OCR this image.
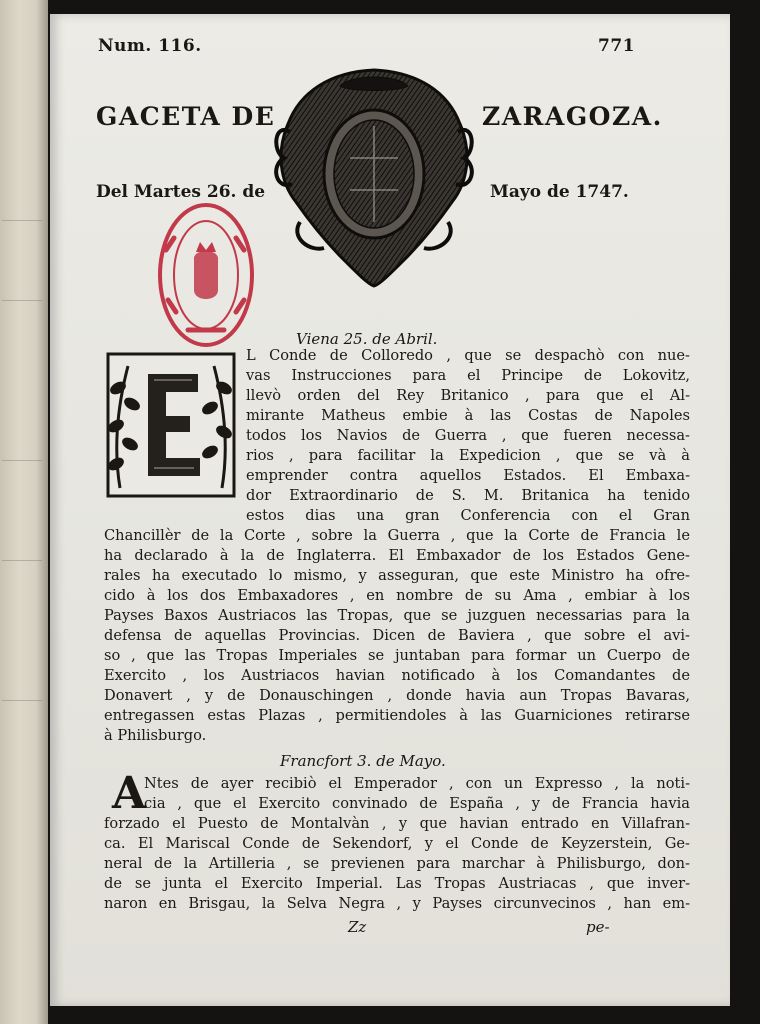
Num. 116.	771
GACETA DE	ZARAGOZA.
Del Martes 26. de	Mayo de 1747.
Viena 25. de Abril.
L Conde de Colloredo , que se despachò con nue-
vas Instrucciones para el Principe de Lokovitz,
llevò orden del Rey Britanico , para que el Al-
mirante Matheus embie à las Costas de Napoles
todos los Navios de Guerra , que fueren necessa-
rios , para facilitar la Expedicion , que se và à
emprender contra aquellos Estados. El Embaxa-
dor Extraordinario de S. M. Britanica ha tenido
estos dias una gran Conferencia con el Gran
Chancillèr de la Corte , sobre la Guerra , que la Corte de Francia le
ha declarado à la de Inglaterra. El Embaxador de los Estados Gene-
rales ha executado lo mismo, y asseguran, que este Ministro ha ofre-
cido à los dos Embaxadores , en nombre de su Ama , embiar à los
Payses Baxos Austriacos las Tropas, que se juzguen necessarias para la
defensa de aquellas Provincias. Dicen de Baviera , que sobre el avi-
so , que las Tropas Imperiales se juntaban para formar un Cuerpo de
Exercito , los Austriacos havian notificado à los Comandantes de
Donavert , y de Donauschingen , donde havia aun Tropas Bavaras,
entregassen estas Plazas , permitiendoles à las Guarniciones retirarse
à Philisburgo.
Francfort 3. de Mayo.
A
Ntes de ayer recibiò el Emperador , con un Expresso , la noti-
cia , que el Exercito convinado de España , y de Francia havia
forzado el Puesto de Montalvàn , y que havian entrado en Villafran-
ca. El Mariscal Conde de Sekendorf, y el Conde de Keyzerstein, Ge-
neral de la Artilleria , se previenen para marchar à Philisburgo, don-
de se junta el Exercito Imperial. Las Tropas Austriacas , que inver-
naron en Brisgau, la Selva Negra , y Payses circunvecinos , han em-
Zz	pe-
